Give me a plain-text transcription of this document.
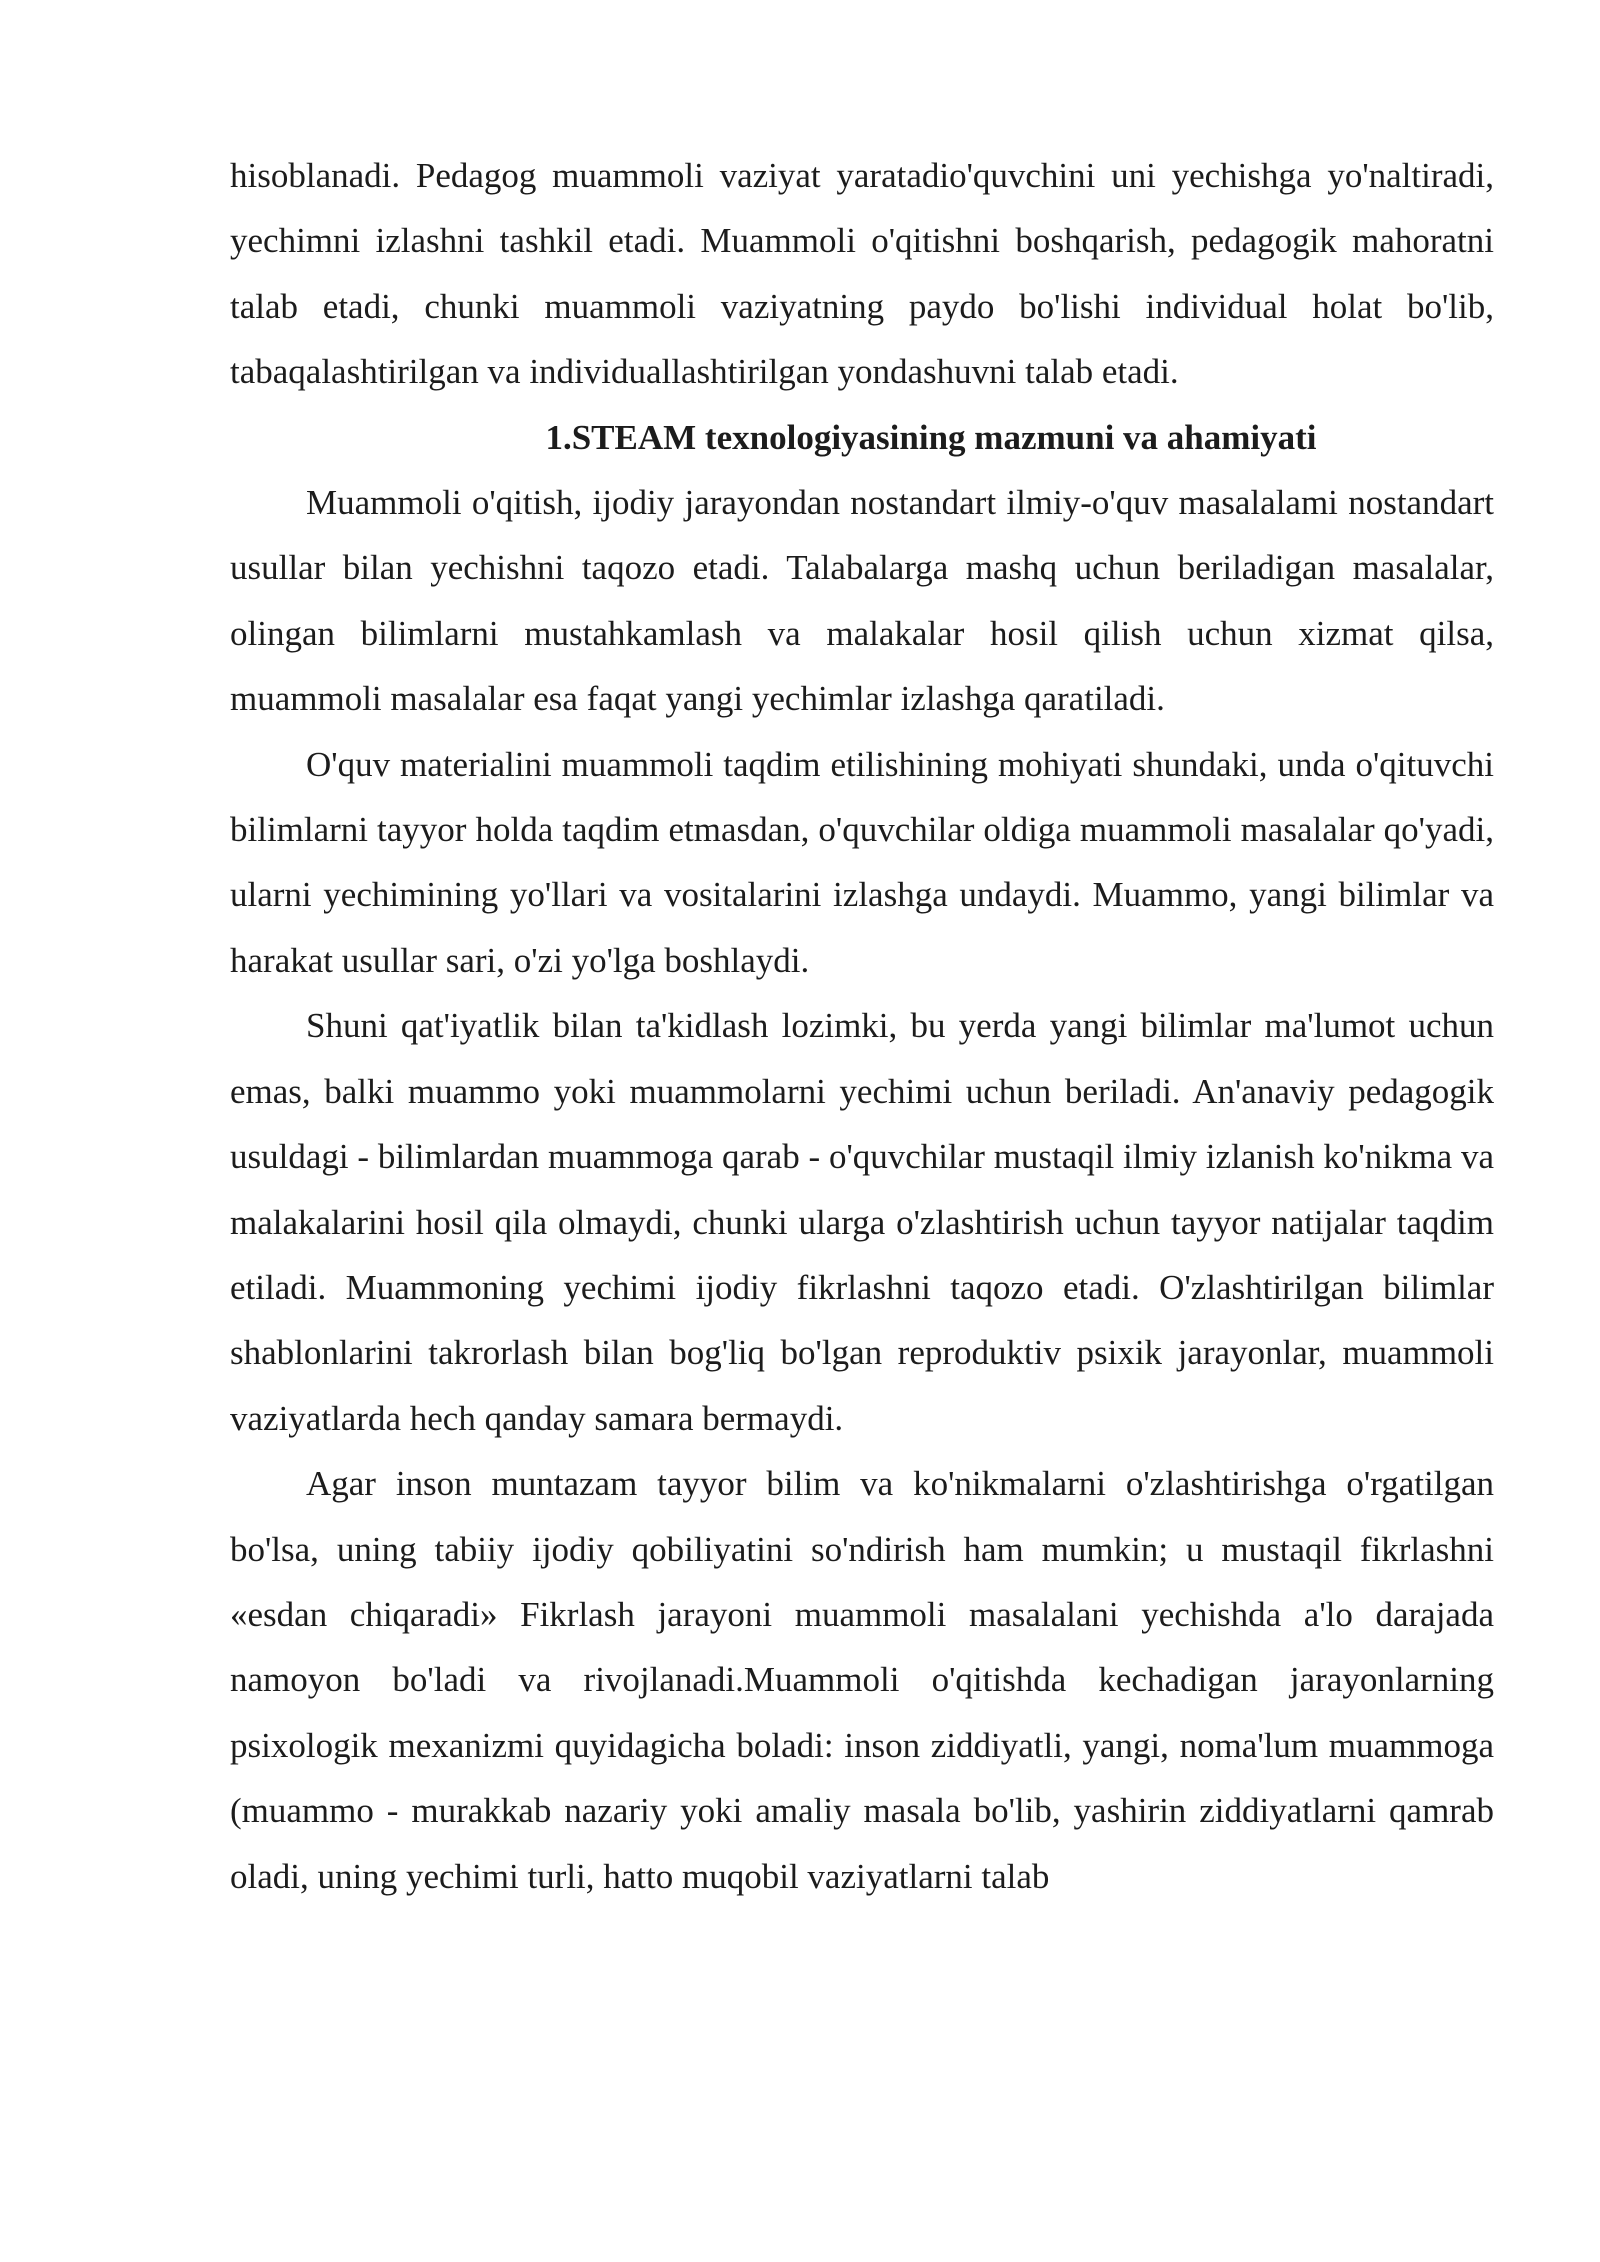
hisoblanadi. Pedagog muammoli vaziyat yaratadio'quvchini uni yechishga yo'naltiradi, yechimni izlashni tashkil etadi. Muammoli o'qitishni boshqarish, pedagogik mahoratni talab etadi, chunki muammoli vaziyatning paydo bo'lishi individual holat bo'lib, tabaqalashtirilgan va individuallashtirilgan yondashuvni talab etadi.

1.STEAM texnologiyasining mazmuni va ahamiyati

Muammoli o'qitish, ijodiy jarayondan nostandart ilmiy-o'quv masalalami nostandart usullar bilan yechishni taqozo etadi. Talabalarga mashq uchun beriladigan masalalar, olingan bilimlarni mustahkamlash va malakalar hosil qilish uchun xizmat qilsa, muammoli masalalar esa faqat yangi yechimlar izlashga qaratiladi.

O'quv materialini muammoli taqdim etilishining mohiyati shundaki, unda o'qituvchi bilimlarni tayyor holda taqdim etmasdan, o'quvchilar oldiga muammoli masalalar qo'yadi, ularni yechimining yo'llari va vositalarini izlashga undaydi. Muammo, yangi bilimlar va harakat usullar sari, o'zi yo'lga boshlaydi.

Shuni qat'iyatlik bilan ta'kidlash lozimki, bu yerda yangi bilimlar ma'lumot uchun emas, balki muammo yoki muammolarni yechimi uchun beriladi. An'anaviy pedagogik usuldagi - bilimlardan muammoga qarab - o'quvchilar mustaqil ilmiy izlanish ko'nikma va malakalarini hosil qila olmaydi, chunki ularga o'zlashtirish uchun tayyor natijalar taqdim etiladi. Muammoning yechimi ijodiy fikrlashni taqozo etadi. O'zlashtirilgan bilimlar shablonlarini takrorlash bilan bog'liq bo'lgan reproduktiv psixik jarayonlar, muammoli vaziyatlarda hech qanday samara bermaydi.

Agar inson muntazam tayyor bilim va ko'nikmalarni o'zlashtirishga o'rgatilgan bo'lsa, uning tabiiy ijodiy qobiliyatini so'ndirish ham mumkin; u mustaqil fikrlashni «esdan chiqaradi» Fikrlash jarayoni muammoli masalalani yechishda a'lo darajada namoyon bo'ladi va rivojlanadi.Muammoli o'qitishda kechadigan jarayonlarning psixologik mexanizmi quyidagicha boladi: inson ziddiyatli, yangi, noma'lum muammoga (muammo - murakkab nazariy yoki amaliy masala bo'lib, yashirin ziddiyatlarni qamrab oladi, uning yechimi turli, hatto muqobil vaziyatlarni talab
